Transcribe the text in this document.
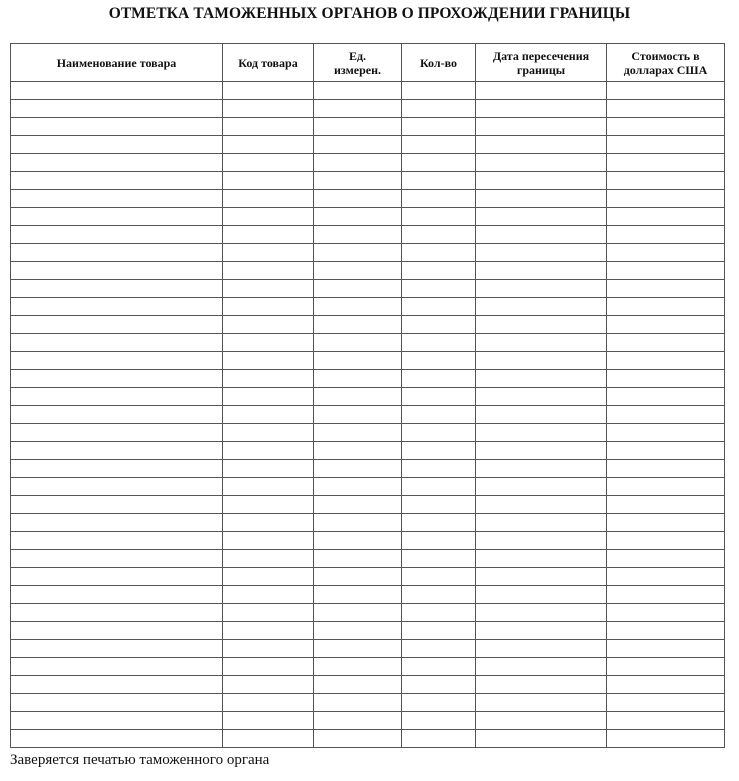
ОТМЕТКА ТАМОЖЕННЫХ ОРГАНОВ О ПРОХОЖДЕНИИ ГРАНИЦЫ
Наименование товара	Код товара	Ед. измерен.	Кол-во	Дата пересечения границы	Стоимость в долларах США

Заверяется печатью таможенного органа
